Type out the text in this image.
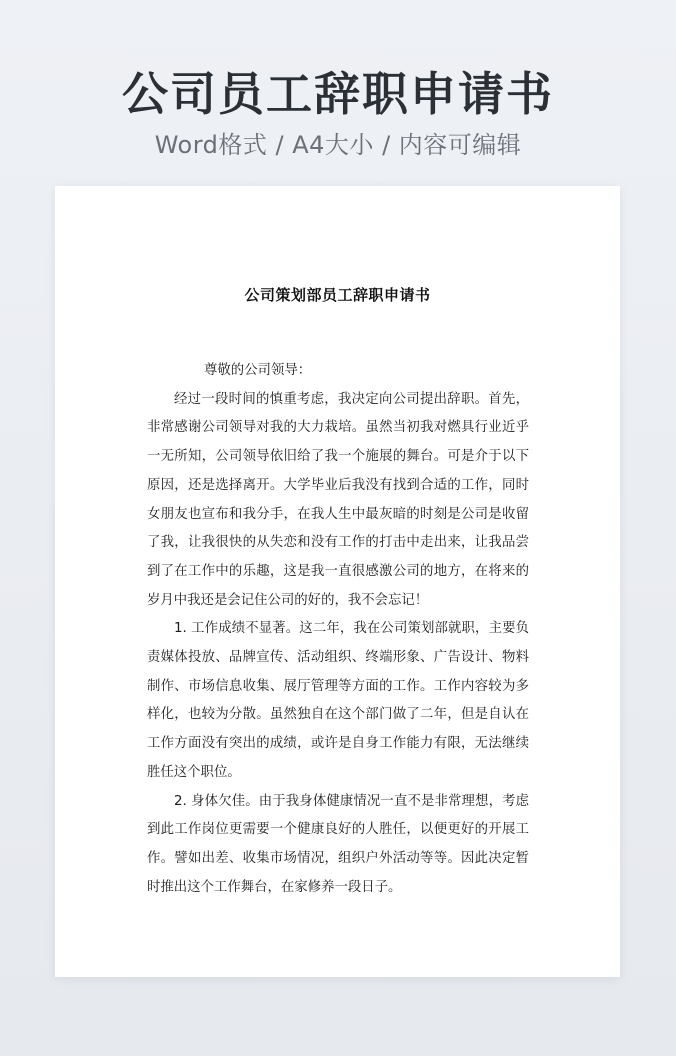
公司员工辞职申请书
Word格式 / A4大小 / 内容可编辑
公司策划部员工辞职申请书

尊敬的公司领导：

经过一段时间的慎重考虑，我决定向公司提出辞职。首先，非常感谢公司领导对我的大力栽培。虽然当初我对燃具行业近乎一无所知，公司领导依旧给了我一个施展的舞台。可是介于以下原因，还是选择离开。大学毕业后我没有找到合适的工作，同时女朋友也宣布和我分手，在我人生中最灰暗的时刻是公司是收留了我，让我很快的从失恋和没有工作的打击中走出来，让我品尝到了在工作中的乐趣，这是我一直很感激公司的地方，在将来的岁月中我还是会记住公司的好的，我不会忘记！

1. 工作成绩不显著。这二年，我在公司策划部就职，主要负责媒体投放、品牌宣传、活动组织、终端形象、广告设计、物料制作、市场信息收集、展厅管理等方面的工作。工作内容较为多样化，也较为分散。虽然独自在这个部门做了二年，但是自认在工作方面没有突出的成绩，或许是自身工作能力有限，无法继续胜任这个职位。

2. 身体欠佳。由于我身体健康情况一直不是非常理想，考虑到此工作岗位更需要一个健康良好的人胜任，以便更好的开展工作。譬如出差、收集市场情况，组织户外活动等等。因此决定暂时推出这个工作舞台，在家修养一段日子。
